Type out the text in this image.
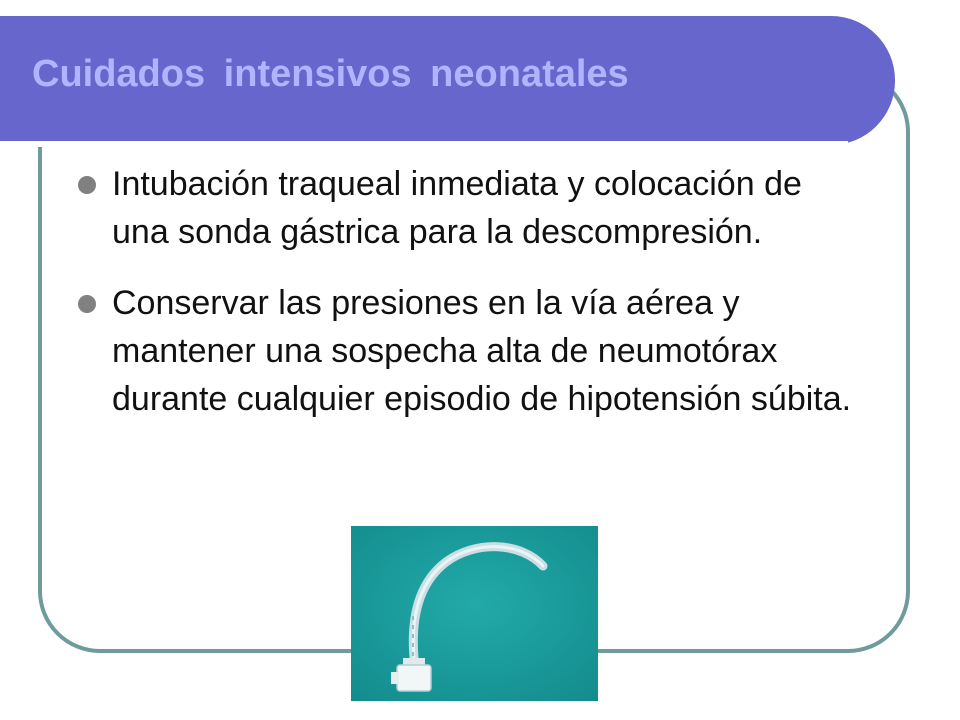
Cuidados intensivos neonatales
Intubación traqueal inmediata y colocación de una sonda gástrica para la descompresión.
Conservar las presiones en la vía aérea y mantener una sospecha alta de neumotórax durante cualquier episodio de hipotensión súbita.
